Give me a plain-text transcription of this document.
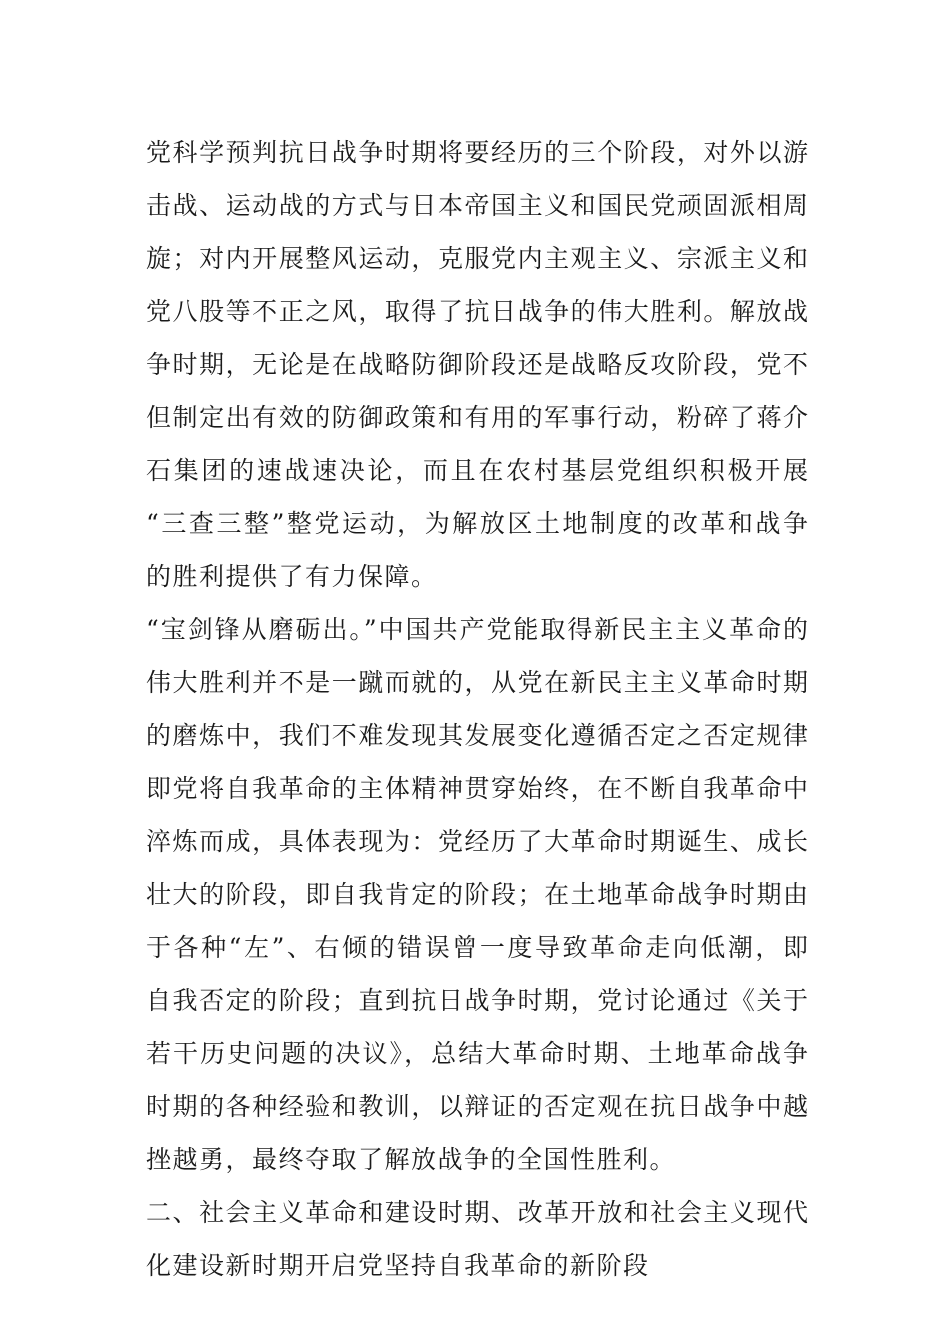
党科学预判抗日战争时期将要经历的三个阶段，对外以游
击战、运动战的方式与日本帝国主义和国民党顽固派相周
旋；对内开展整风运动，克服党内主观主义、宗派主义和
党八股等不正之风，取得了抗日战争的伟大胜利。解放战
争时期，无论是在战略防御阶段还是战略反攻阶段，党不
但制定出有效的防御政策和有用的军事行动，粉碎了蒋介
石集团的速战速决论，而且在农村基层党组织积极开展
“三查三整”整党运动，为解放区土地制度的改革和战争
的胜利提供了有力保障。
“宝剑锋从磨砺出。”中国共产党能取得新民主主义革命的
伟大胜利并不是一蹴而就的，从党在新民主主义革命时期
的磨炼中，我们不难发现其发展变化遵循否定之否定规律
即党将自我革命的主体精神贯穿始终，在不断自我革命中
淬炼而成，具体表现为：党经历了大革命时期诞生、成长
壮大的阶段，即自我肯定的阶段；在土地革命战争时期由
于各种“左”、右倾的错误曾一度导致革命走向低潮，即
自我否定的阶段；直到抗日战争时期，党讨论通过《关于
若干历史问题的决议》，总结大革命时期、土地革命战争
时期的各种经验和教训，以辩证的否定观在抗日战争中越
挫越勇，最终夺取了解放战争的全国性胜利。
二、社会主义革命和建设时期、改革开放和社会主义现代
化建设新时期开启党坚持自我革命的新阶段
